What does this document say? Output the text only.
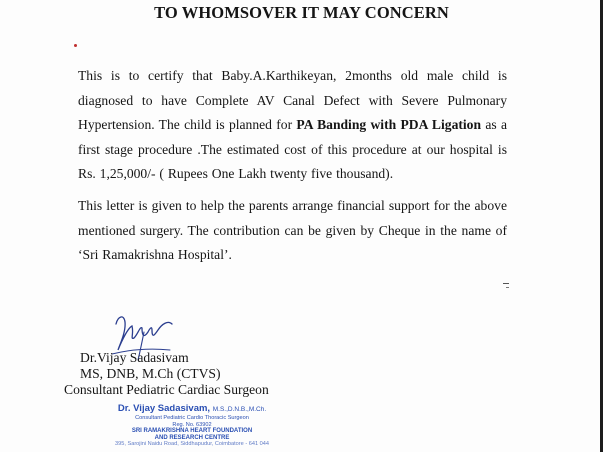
TO WHOMSOVER IT MAY CONCERN

This is to certify that Baby.A.Karthikeyan, 2months old male child is
diagnosed to have Complete AV Canal Defect with Severe Pulmonary
Hypertension. The child is planned for PA Banding with PDA Ligation as a
first stage procedure .The estimated cost of this procedure at our hospital is
Rs. 1,25,000/- ( Rupees One Lakh twenty five thousand).

This letter is given to help the parents arrange financial support for the above
mentioned surgery. The contribution can be given by Cheque in the name of
‘Sri Ramakrishna Hospital’.

Dr.Vijay Sadasivam
MS, DNB, M.Ch (CTVS)
Consultant Pediatric Cardiac Surgeon
Dr. Vijay Sadasivam, M.S.,D.N.B.,M.Ch.
Consultant Pediatric Cardio Thoracic Surgeon
Reg. No. 63902
SRI RAMAKRISHNA HEART FOUNDATION
AND RESEARCH CENTRE
395, Sarojini Naidu Road, Siddhapudur, Coimbatore - 641 044
